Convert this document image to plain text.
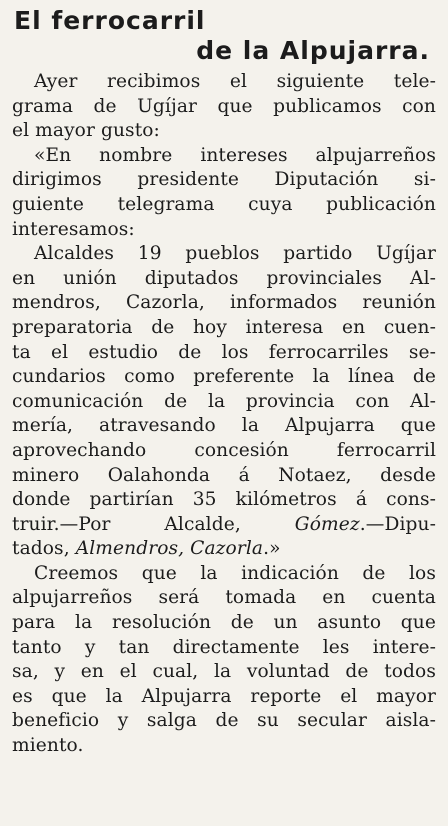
El ferrocarril
de la Alpujarra.
Ayer recibimos el siguiente tele-
grama de Ugíjar que publicamos con
el mayor gusto:
«En nombre intereses alpujarreños
dirigimos presidente Diputación si-
guiente telegrama cuya publicación
interesamos:
Alcaldes 19 pueblos partido Ugíjar
en unión diputados provinciales Al-
mendros, Cazorla, informados reunión
preparatoria de hoy interesa en cuen-
ta el estudio de los ferrocarriles se-
cundarios como preferente la línea de
comunicación de la provincia con Al-
mería, atravesando la Alpujarra que
aprovechando concesión ferrocarril
minero Oalahonda á Notaez, desde
donde partirían 35 kilómetros á cons-
truir.—Por Alcalde, Gómez.—Dipu-
tados, Almendros, Cazorla.»
Creemos que la indicación de los
alpujarreños será tomada en cuenta
para la resolución de un asunto que
tanto y tan directamente les intere-
sa, y en el cual, la voluntad de todos
es que la Alpujarra reporte el mayor
beneficio y salga de su secular aisla-
miento.
